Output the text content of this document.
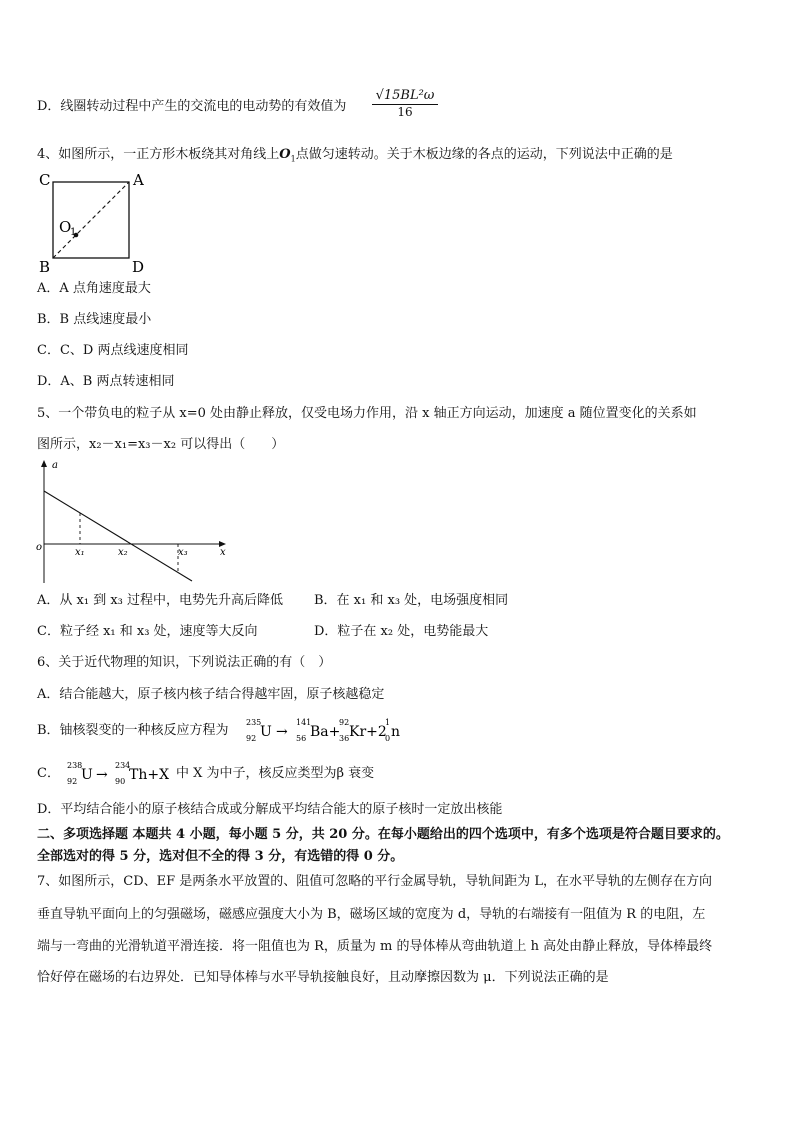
D．线圈转动过程中产生的交流电的电动势的有效值为 $\frac{\text{√15BL²ω}}{16}$
4、如图所示，一正方形木板绕其对角线上$O_1$点做匀速转动。关于木板边缘的各点的运动，下列说法中正确的是
C	A
B	D
O
1
A．A 点角速度最大
B．B 点线速度最小
C．C、D 两点线速度相同
D．A、B 两点转速相同
5、一个带负电的粒子从 x=0 处由静止释放，仅受电场力作用，沿 x 轴正方向运动，加速度 a 随位置变化的关系如
图所示，x₂－x₁=x₃－x₂ 可以得出（　　）
a
o	x
x₁	x₂	x₃
A．从 x₁ 到 x₃ 过程中，电势先升高后降低 B．在 x₁ 和 x₃ 处，电场强度相同
C．粒子经 x₁ 和 x₃ 处，速度等大反向	D．粒子在 x₂ 处，电势能最大
6、关于近代物理的知识，下列说法正确的有（　）
A．结合能越大，原子核内核子结合得越牢固，原子核越稳定
B．铀核裂变的一种核反应方程为
235
92 U →
141
56 Ba+
92
36 Kr+2
1
0 n
C．
238
92 U →
234
90 Th+X 中 X 为中子，核反应类型为β 衰变
D．平均结合能小的原子核结合成或分解成平均结合能大的原子核时一定放出核能
二、多项选择题 本题共 4 小题，每小题 5 分，共 20 分。在每小题给出的四个选项中，有多个选项是符合题目要求的。
全部选对的得 5 分，选对但不全的得 3 分，有选错的得 0 分。
7、如图所示，CD、EF 是两条水平放置的、阻值可忽略的平行金属导轨，导轨间距为 L，在水平导轨的左侧存在方向
垂直导轨平面向上的匀强磁场，磁感应强度大小为 B，磁场区域的宽度为 d，导轨的右端接有一阻值为 R 的电阻，左
端与一弯曲的光滑轨道平滑连接．将一阻值也为 R，质量为 m 的导体棒从弯曲轨道上 h 高处由静止释放，导体棒最终
恰好停在磁场的右边界处．已知导体棒与水平导轨接触良好，且动摩擦因数为 μ．下列说法正确的是
